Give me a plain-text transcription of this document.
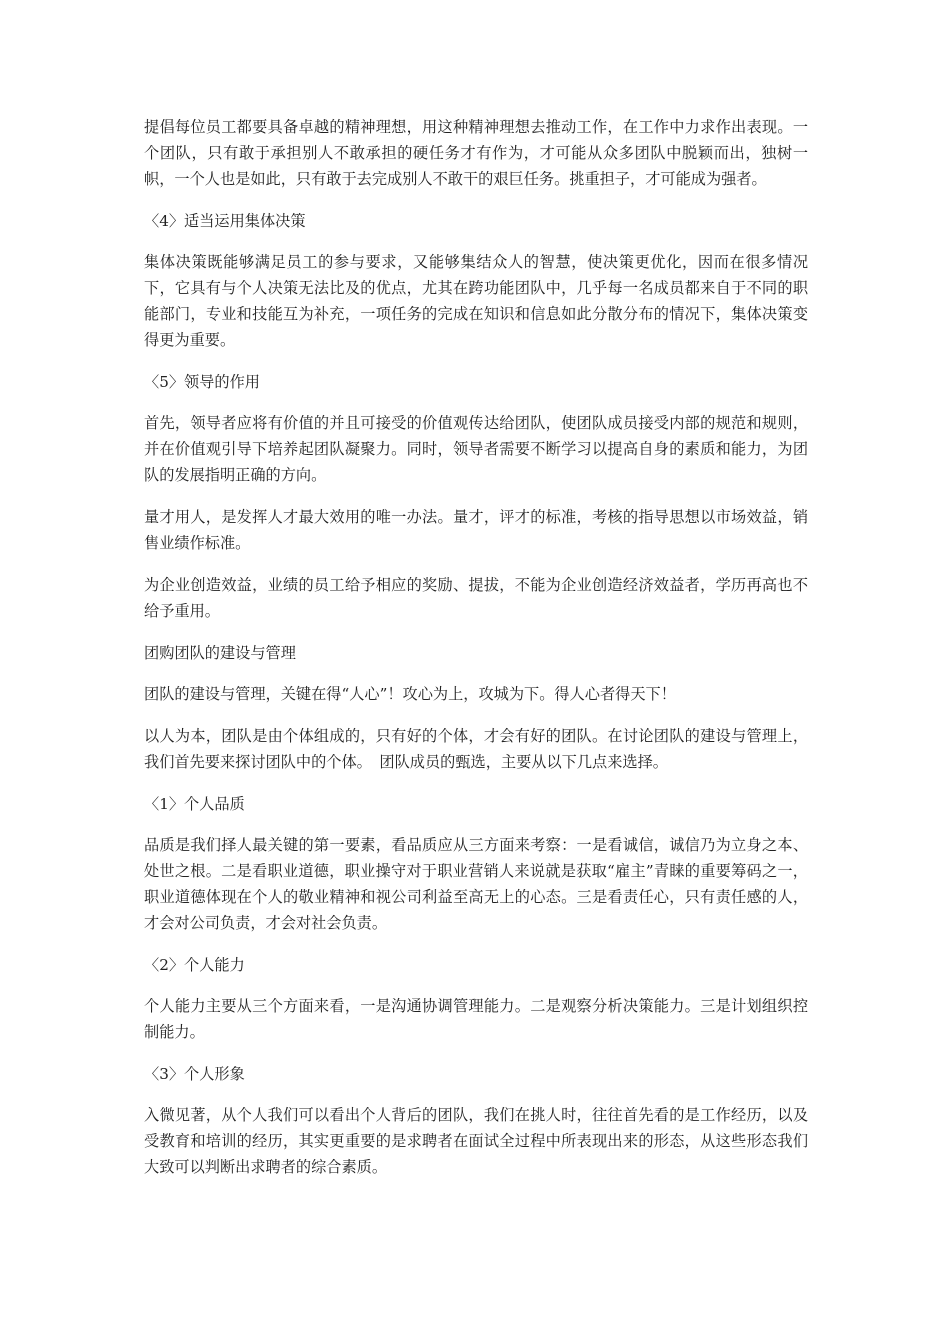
提倡每位员工都要具备卓越的精神理想，用这种精神理想去推动工作，在工作中力求作出表现。一个团队，只有敢于承担别人不敢承担的硬任务才有作为，才可能从众多团队中脱颖而出，独树一帜，一个人也是如此，只有敢于去完成别人不敢干的艰巨任务。挑重担子，才可能成为强者。

〈4〉适当运用集体决策

集体决策既能够满足员工的参与要求，又能够集结众人的智慧，使决策更优化，因而在很多情况下，它具有与个人决策无法比及的优点，尤其在跨功能团队中，几乎每一名成员都来自于不同的职能部门，专业和技能互为补充，一项任务的完成在知识和信息如此分散分布的情况下，集体决策变得更为重要。

〈5〉领导的作用

首先，领导者应将有价值的并且可接受的价值观传达给团队，使团队成员接受内部的规范和规则，并在价值观引导下培养起团队凝聚力。同时，领导者需要不断学习以提高自身的素质和能力，为团队的发展指明正确的方向。

量才用人，是发挥人才最大效用的唯一办法。量才，评才的标准，考核的指导思想以市场效益，销售业绩作标准。

为企业创造效益，业绩的员工给予相应的奖励、提拔，不能为企业创造经济效益者，学历再高也不给予重用。

团购团队的建设与管理

团队的建设与管理，关键在得“人心”！攻心为上，攻城为下。得人心者得天下！

以人为本，团队是由个体组成的，只有好的个体，才会有好的团队。在讨论团队的建设与管理上，我们首先要来探讨团队中的个体。　团队成员的甄选，主要从以下几点来选择。

〈1〉个人品质

品质是我们择人最关键的第一要素，看品质应从三方面来考察：一是看诚信，诚信乃为立身之本、处世之根。二是看职业道德，职业操守对于职业营销人来说就是获取“雇主”青睐的重要筹码之一，职业道德体现在个人的敬业精神和视公司利益至高无上的心态。三是看责任心，只有责任感的人，才会对公司负责，才会对社会负责。

〈2〉个人能力

个人能力主要从三个方面来看，一是沟通协调管理能力。二是观察分析决策能力。三是计划组织控制能力。

〈3〉个人形象

入微见著，从个人我们可以看出个人背后的团队，我们在挑人时，往往首先看的是工作经历，以及受教育和培训的经历，其实更重要的是求聘者在面试全过程中所表现出来的形态，从这些形态我们大致可以判断出求聘者的综合素质。
